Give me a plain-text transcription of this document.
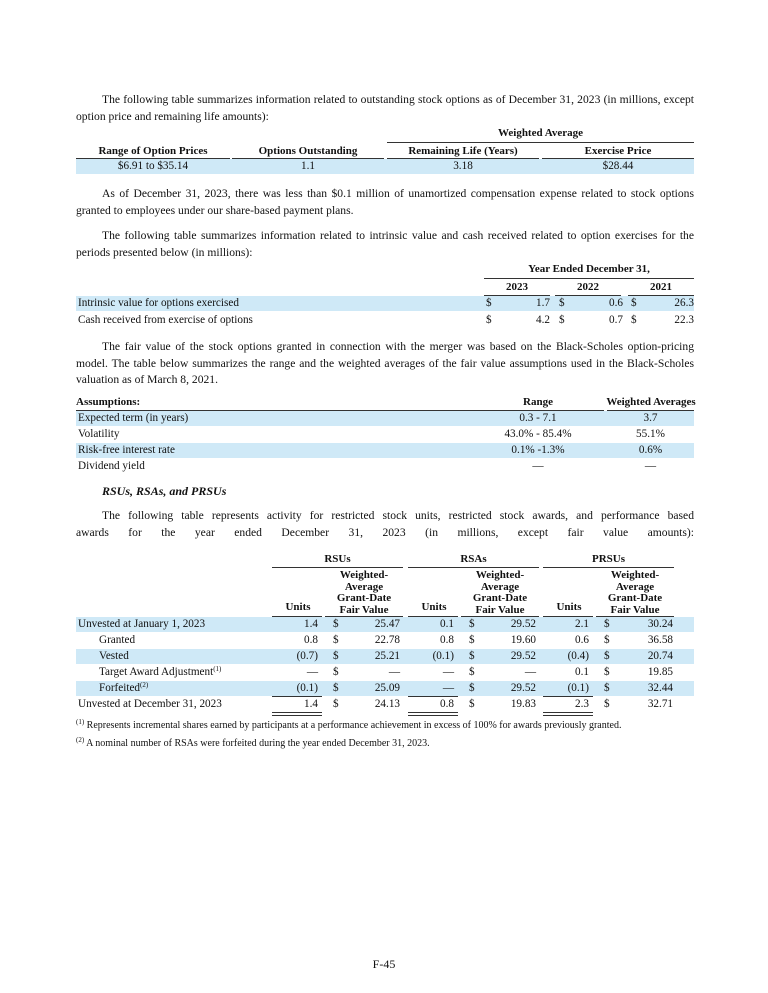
The following table summarizes information related to outstanding stock options as of December 31, 2023 (in millions, except option price and remaining life amounts):

Weighted Average
Range of Option Prices	Options Outstanding	Remaining Life (Years)	Exercise Price
$6.91 to $35.14	1.1	3.18	$28.44

As of December 31, 2023, there was less than $0.1 million of unamortized compensation expense related to stock options granted to employees under our share-based payment plans.

The following table summarizes information related to intrinsic value and cash received related to option exercises for the periods presented below (in millions):

Year Ended December 31,
2023	2022	2021
Intrinsic value for options exercised	$	1.7 $	0.6 $	26.3
Cash received from exercise of options	$	4.2 $	0.7 $	22.3

The fair value of the stock options granted in connection with the merger was based on the Black-Scholes option-pricing model. The table below summarizes the range and the weighted averages of the fair value assumptions used in the Black-Scholes valuation as of March 8, 2021.

Assumptions:	Range	Weighted Averages
Expected term (in years)	0.3 - 7.1	3.7
Volatility	43.0% - 85.4%	55.1%
Risk-free interest rate	0.1% -1.3%	0.6%
Dividend yield	—	—
RSUs, RSAs, and PRSUs
The following table represents activity for restricted stock units, restricted stock awards, and performance based
awards for the year ended December 31, 2023 (in millions, except fair value amounts):
RSUs	RSAs	PRSUs
Units
Weighted-
Average
Grant-Date
Fair Value	Units
Weighted-
Average
Grant-Date
Fair Value	Units
Weighted-
Average
Grant-Date
Fair Value
Unvested at January 1, 2023	1.4 $	25.47	0.1 $	29.52	2.1 $	30.24
Granted	0.8 $	22.78	0.8 $	19.60	0.6 $	36.58
Vested	(0.7) $	25.21	(0.1) $	29.52	(0.4) $	20.74
Target Award Adjustment$^{(1)}$	— $	—	— $	—	0.1 $	19.85
Forfeited$^{(2)}$	(0.1) $	25.09	— $	29.52	(0.1) $	32.44
Unvested at December 31, 2023	1.4 $	24.13	0.8 $	19.83	2.3 $	32.71
$^{(1)}$ Represents incremental shares earned by participants at a performance achievement in excess of 100% for awards previously granted.
$^{(2)}$ A nominal number of RSAs were forfeited during the year ended December 31, 2023.
F-45
